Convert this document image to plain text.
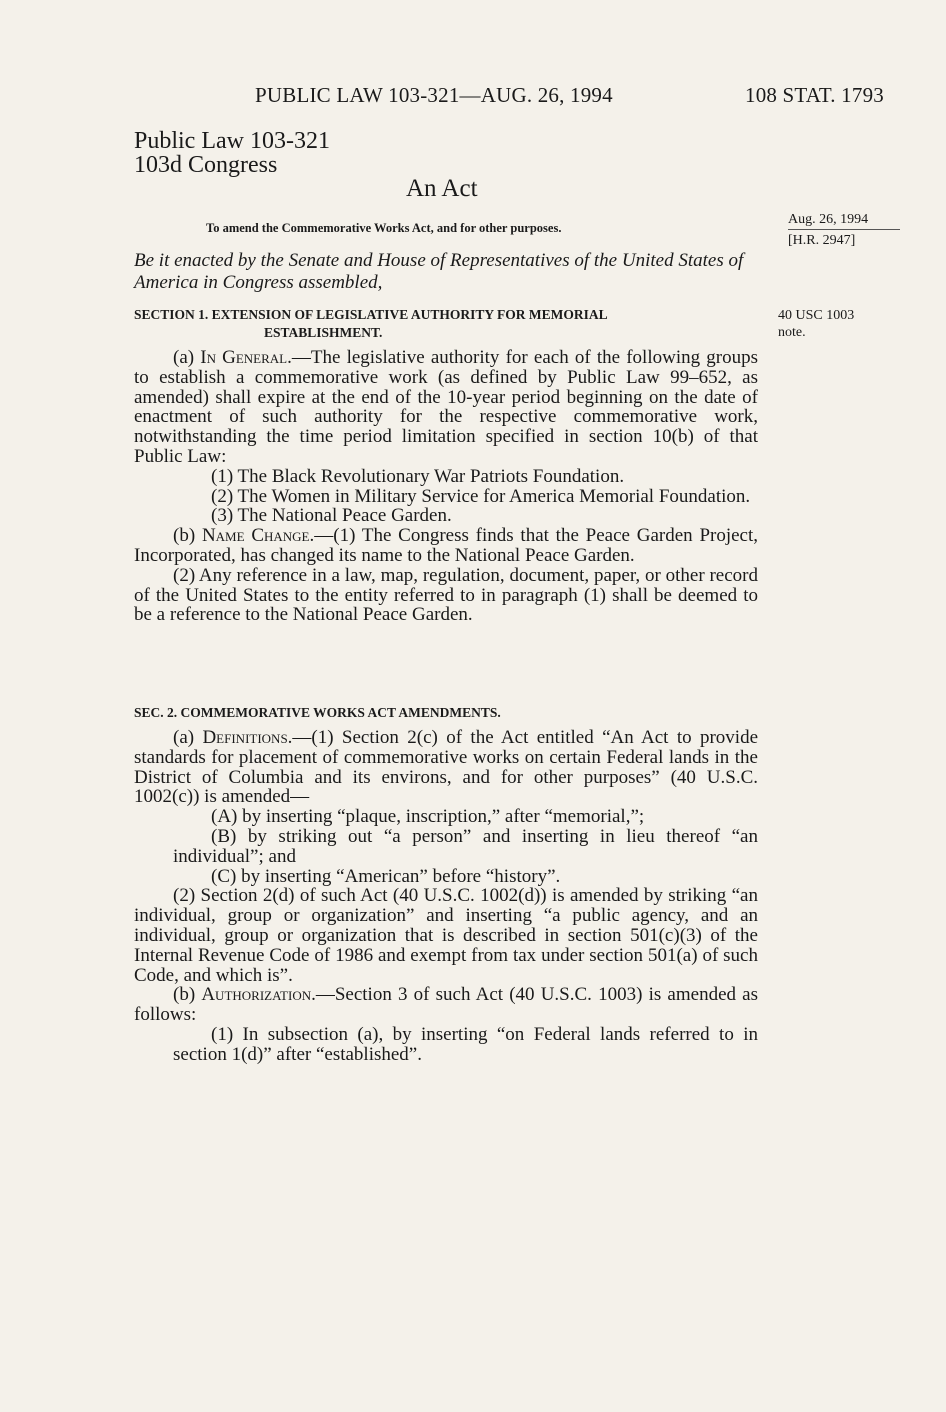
PUBLIC LAW 103-321—AUG. 26, 1994	108 STAT. 1793
Public Law 103-321
103d Congress
An Act
To amend the Commemorative Works Act, and for other purposes.
Aug. 26, 1994
[H.R. 2947]
40 USC 1003
note.
Be it enacted by the Senate and House of Representatives of the United States of America in Congress assembled,
SECTION 1. EXTENSION OF LEGISLATIVE AUTHORITY FOR MEMORIAL
ESTABLISHMENT.

(a) In General.—The legislative authority for each of the following groups to establish a commemorative work (as defined by Public Law 99–652, as amended) shall expire at the end of the 10-year period beginning on the date of enactment of such authority for the respective commemorative work, notwithstanding the time period limitation specified in section 10(b) of that Public Law:

(1) The Black Revolutionary War Patriots Foundation.

(2) The Women in Military Service for America Memorial Foundation.

(3) The National Peace Garden.

(b) Name Change.—(1) The Congress finds that the Peace Garden Project, Incorporated, has changed its name to the National Peace Garden.

(2) Any reference in a law, map, regulation, document, paper, or other record of the United States to the entity referred to in paragraph (1) shall be deemed to be a reference to the National Peace Garden.

SEC. 2. COMMEMORATIVE WORKS ACT AMENDMENTS.

(a) Definitions.—(1) Section 2(c) of the Act entitled “An Act to provide standards for placement of commemorative works on certain Federal lands in the District of Columbia and its environs, and for other purposes” (40 U.S.C. 1002(c)) is amended—

(A) by inserting “plaque, inscription,” after “memorial,”;

(B) by striking out “a person” and inserting in lieu thereof “an individual”; and

(C) by inserting “American” before “history”.

(2) Section 2(d) of such Act (40 U.S.C. 1002(d)) is amended by striking “an individual, group or organization” and inserting “a public agency, and an individual, group or organization that is described in section 501(c)(3) of the Internal Revenue Code of 1986 and exempt from tax under section 501(a) of such Code, and which is”.

(b) Authorization.—Section 3 of such Act (40 U.S.C. 1003) is amended as follows:

(1) In subsection (a), by inserting “on Federal lands referred to in section 1(d)” after “established”.
